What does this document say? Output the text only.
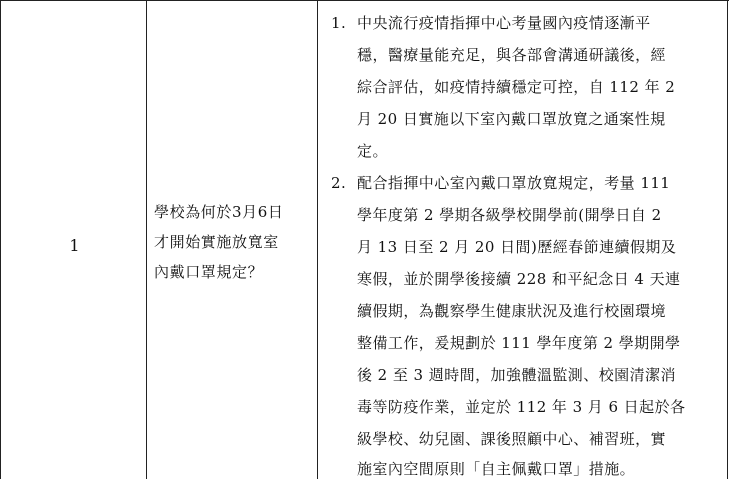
1
學校為何於3月6日
才開始實施放寬室
內戴口罩規定？
1. 中央流行疫情指揮中心考量國內疫情逐漸平
穩，醫療量能充足，與各部會溝通研議後，經
綜合評估，如疫情持續穩定可控，自 112 年 2
月 20 日實施以下室內戴口罩放寬之通案性規
定。
2. 配合指揮中心室內戴口罩放寬規定，考量 111
學年度第 2 學期各級學校開學前(開學日自 2
月 13 日至 2 月 20 日間)歷經春節連續假期及
寒假，並於開學後接續 228 和平紀念日 4 天連
續假期，為觀察學生健康狀況及進行校園環境
整備工作，爰規劃於 111 學年度第 2 學期開學
後 2 至 3 週時間，加強體溫監測、校園清潔消
毒等防疫作業，並定於 112 年 3 月 6 日起於各
級學校、幼兒園、課後照顧中心、補習班，實
施室內空間原則「自主佩戴口罩」措施。
